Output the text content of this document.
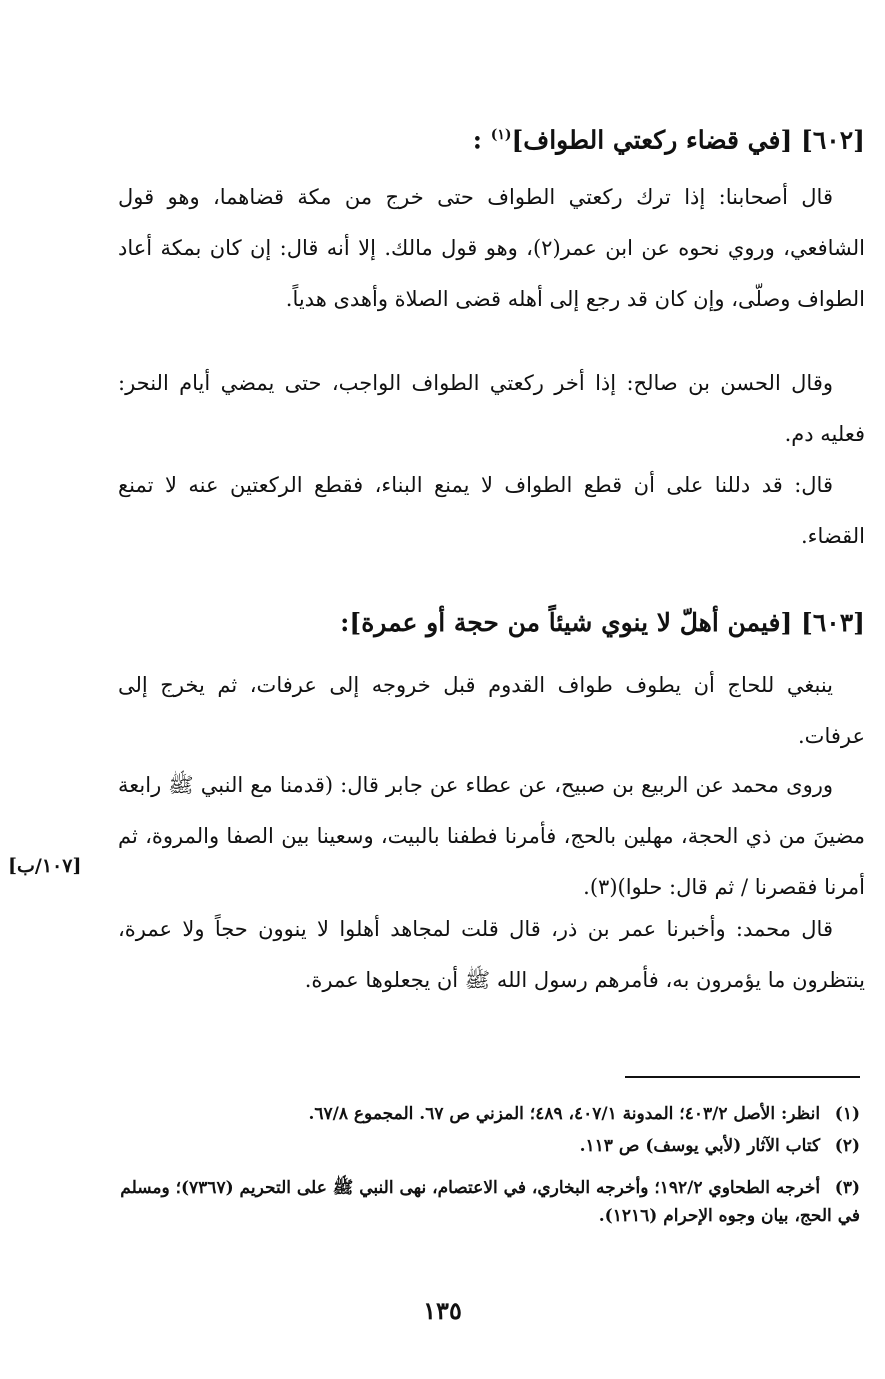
[٦٠٢] [في قضاء ركعتي الطواف]$^{(١)}$ :
قال أصحابنا: إذا ترك ركعتي الطواف حتى خرج من مكة قضاهما، وهو قول الشافعي، وروي نحوه عن ابن عمر(٢)، وهو قول مالك. إلا أنه قال: إن كان بمكة أعاد الطواف وصلّى، وإن كان قد رجع إلى أهله قضى الصلاة وأهدى هدياً.
وقال الحسن بن صالح: إذا أخر ركعتي الطواف الواجب، حتى يمضي أيام النحر: فعليه دم.
قال: قد دللنا على أن قطع الطواف لا يمنع البناء، فقطع الركعتين عنه لا تمنع القضاء.
[٦٠٣] [فيمن أهلّ لا ينوي شيئاً من حجة أو عمرة]:
ينبغي للحاج أن يطوف طواف القدوم قبل خروجه إلى عرفات، ثم يخرج إلى عرفات.
وروى محمد عن الربيع بن صبيح، عن عطاء عن جابر قال: (قدمنا مع النبي ﷺ رابعة مضينَ من ذي الحجة، مهلين بالحج، فأمرنا فطفنا بالبيت، وسعينا بين الصفا والمروة، ثم أمرنا فقصرنا / ثم قال: حلوا)(٣).
قال محمد: وأخبرنا عمر بن ذر، قال قلت لمجاهد أهلوا لا ينوون حجاً ولا عمرة، ينتظرون ما يؤمرون به، فأمرهم رسول الله ﷺ أن يجعلوها عمرة.
[١٠٧/ب]
(١) انظر: الأصل ٤٠٣/٢؛ المدونة ٤٠٧/١، ٤٨٩؛ المزني ص ٦٧. المجموع ٦٧/٨.
(٢) كتاب الآثار (لأبي يوسف) ص ١١٣.
(٣) أخرجه الطحاوي ١٩٢/٢؛ وأخرجه البخاري، في الاعتصام، نهى النبي ﷺ على التحريم (٧٣٦٧)؛ ومسلم في الحج، بيان وجوه الإحرام (١٢١٦).
١٣٥
